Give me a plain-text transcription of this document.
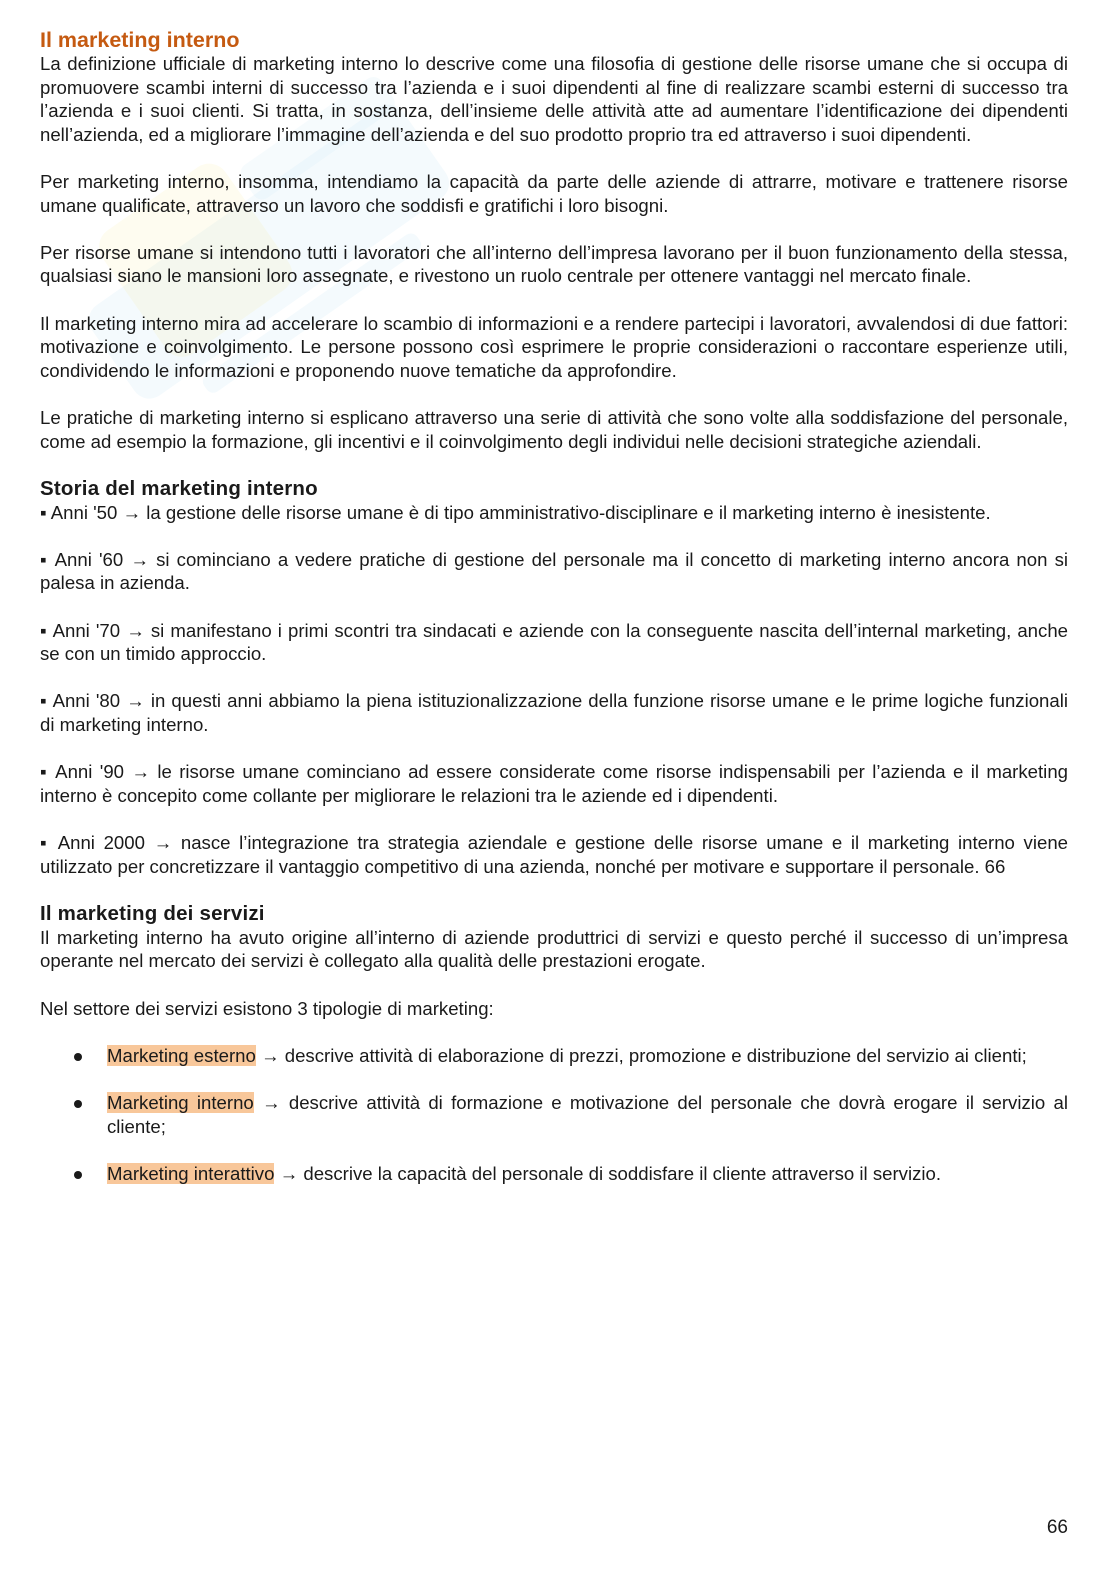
Il marketing interno

La definizione ufficiale di marketing interno lo descrive come una filosofia di gestione delle risorse umane che si occupa di promuovere scambi interni di successo tra l’azienda e i suoi dipendenti al fine di realizzare scambi esterni di successo tra l’azienda e i suoi clienti. Si tratta, in sostanza, dell’insieme delle attività atte ad aumentare l’identificazione dei dipendenti nell’azienda, ed a migliorare l’immagine dell’azienda e del suo prodotto proprio tra ed attraverso i suoi dipendenti.

Per marketing interno, insomma, intendiamo la capacità da parte delle aziende di attrarre, motivare e trattenere risorse umane qualificate, attraverso un lavoro che soddisfi e gratifichi i loro bisogni.

Per risorse umane si intendono tutti i lavoratori che all’interno dell’impresa lavorano per il buon funzionamento della stessa, qualsiasi siano le mansioni loro assegnate, e rivestono un ruolo centrale per ottenere vantaggi nel mercato finale.

Il marketing interno mira ad accelerare lo scambio di informazioni e a rendere partecipi i lavoratori, avvalendosi di due fattori: motivazione e coinvolgimento. Le persone possono così esprimere le proprie considerazioni o raccontare esperienze utili, condividendo le informazioni e proponendo nuove tematiche da approfondire.

Le pratiche di marketing interno si esplicano attraverso una serie di attività che sono volte alla soddisfazione del personale, come ad esempio la formazione, gli incentivi e il coinvolgimento degli individui nelle decisioni strategiche aziendali.

Storia del marketing interno

▪ Anni '50 → la gestione delle risorse umane è di tipo amministrativo-disciplinare e il marketing interno è inesistente.

▪ Anni '60 → si cominciano a vedere pratiche di gestione del personale ma il concetto di marketing interno ancora non si palesa in azienda.

▪ Anni '70 → si manifestano i primi scontri tra sindacati e aziende con la conseguente nascita dell’internal marketing, anche se con un timido approccio.

▪ Anni '80 → in questi anni abbiamo la piena istituzionalizzazione della funzione risorse umane e le prime logiche funzionali di marketing interno.

▪ Anni '90 → le risorse umane cominciano ad essere considerate come risorse indispensabili per l’azienda e il marketing interno è concepito come collante per migliorare le relazioni tra le aziende ed i dipendenti.

▪ Anni 2000 → nasce l’integrazione tra strategia aziendale e gestione delle risorse umane e il marketing interno viene utilizzato per concretizzare il vantaggio competitivo di una azienda, nonché per motivare e supportare il personale. 66

Il marketing dei servizi

Il marketing interno ha avuto origine all’interno di aziende produttrici di servizi e questo perché il successo di un’impresa operante nel mercato dei servizi è collegato alla qualità delle prestazioni erogate.

Nel settore dei servizi esistono 3 tipologie di marketing:

Marketing esterno → descrive attività di elaborazione di prezzi, promozione e distribuzione del servizio ai clienti;
Marketing interno → descrive attività di formazione e motivazione del personale che dovrà erogare il servizio al cliente;
Marketing interattivo → descrive la capacità del personale di soddisfare il cliente attraverso il servizio.
66
